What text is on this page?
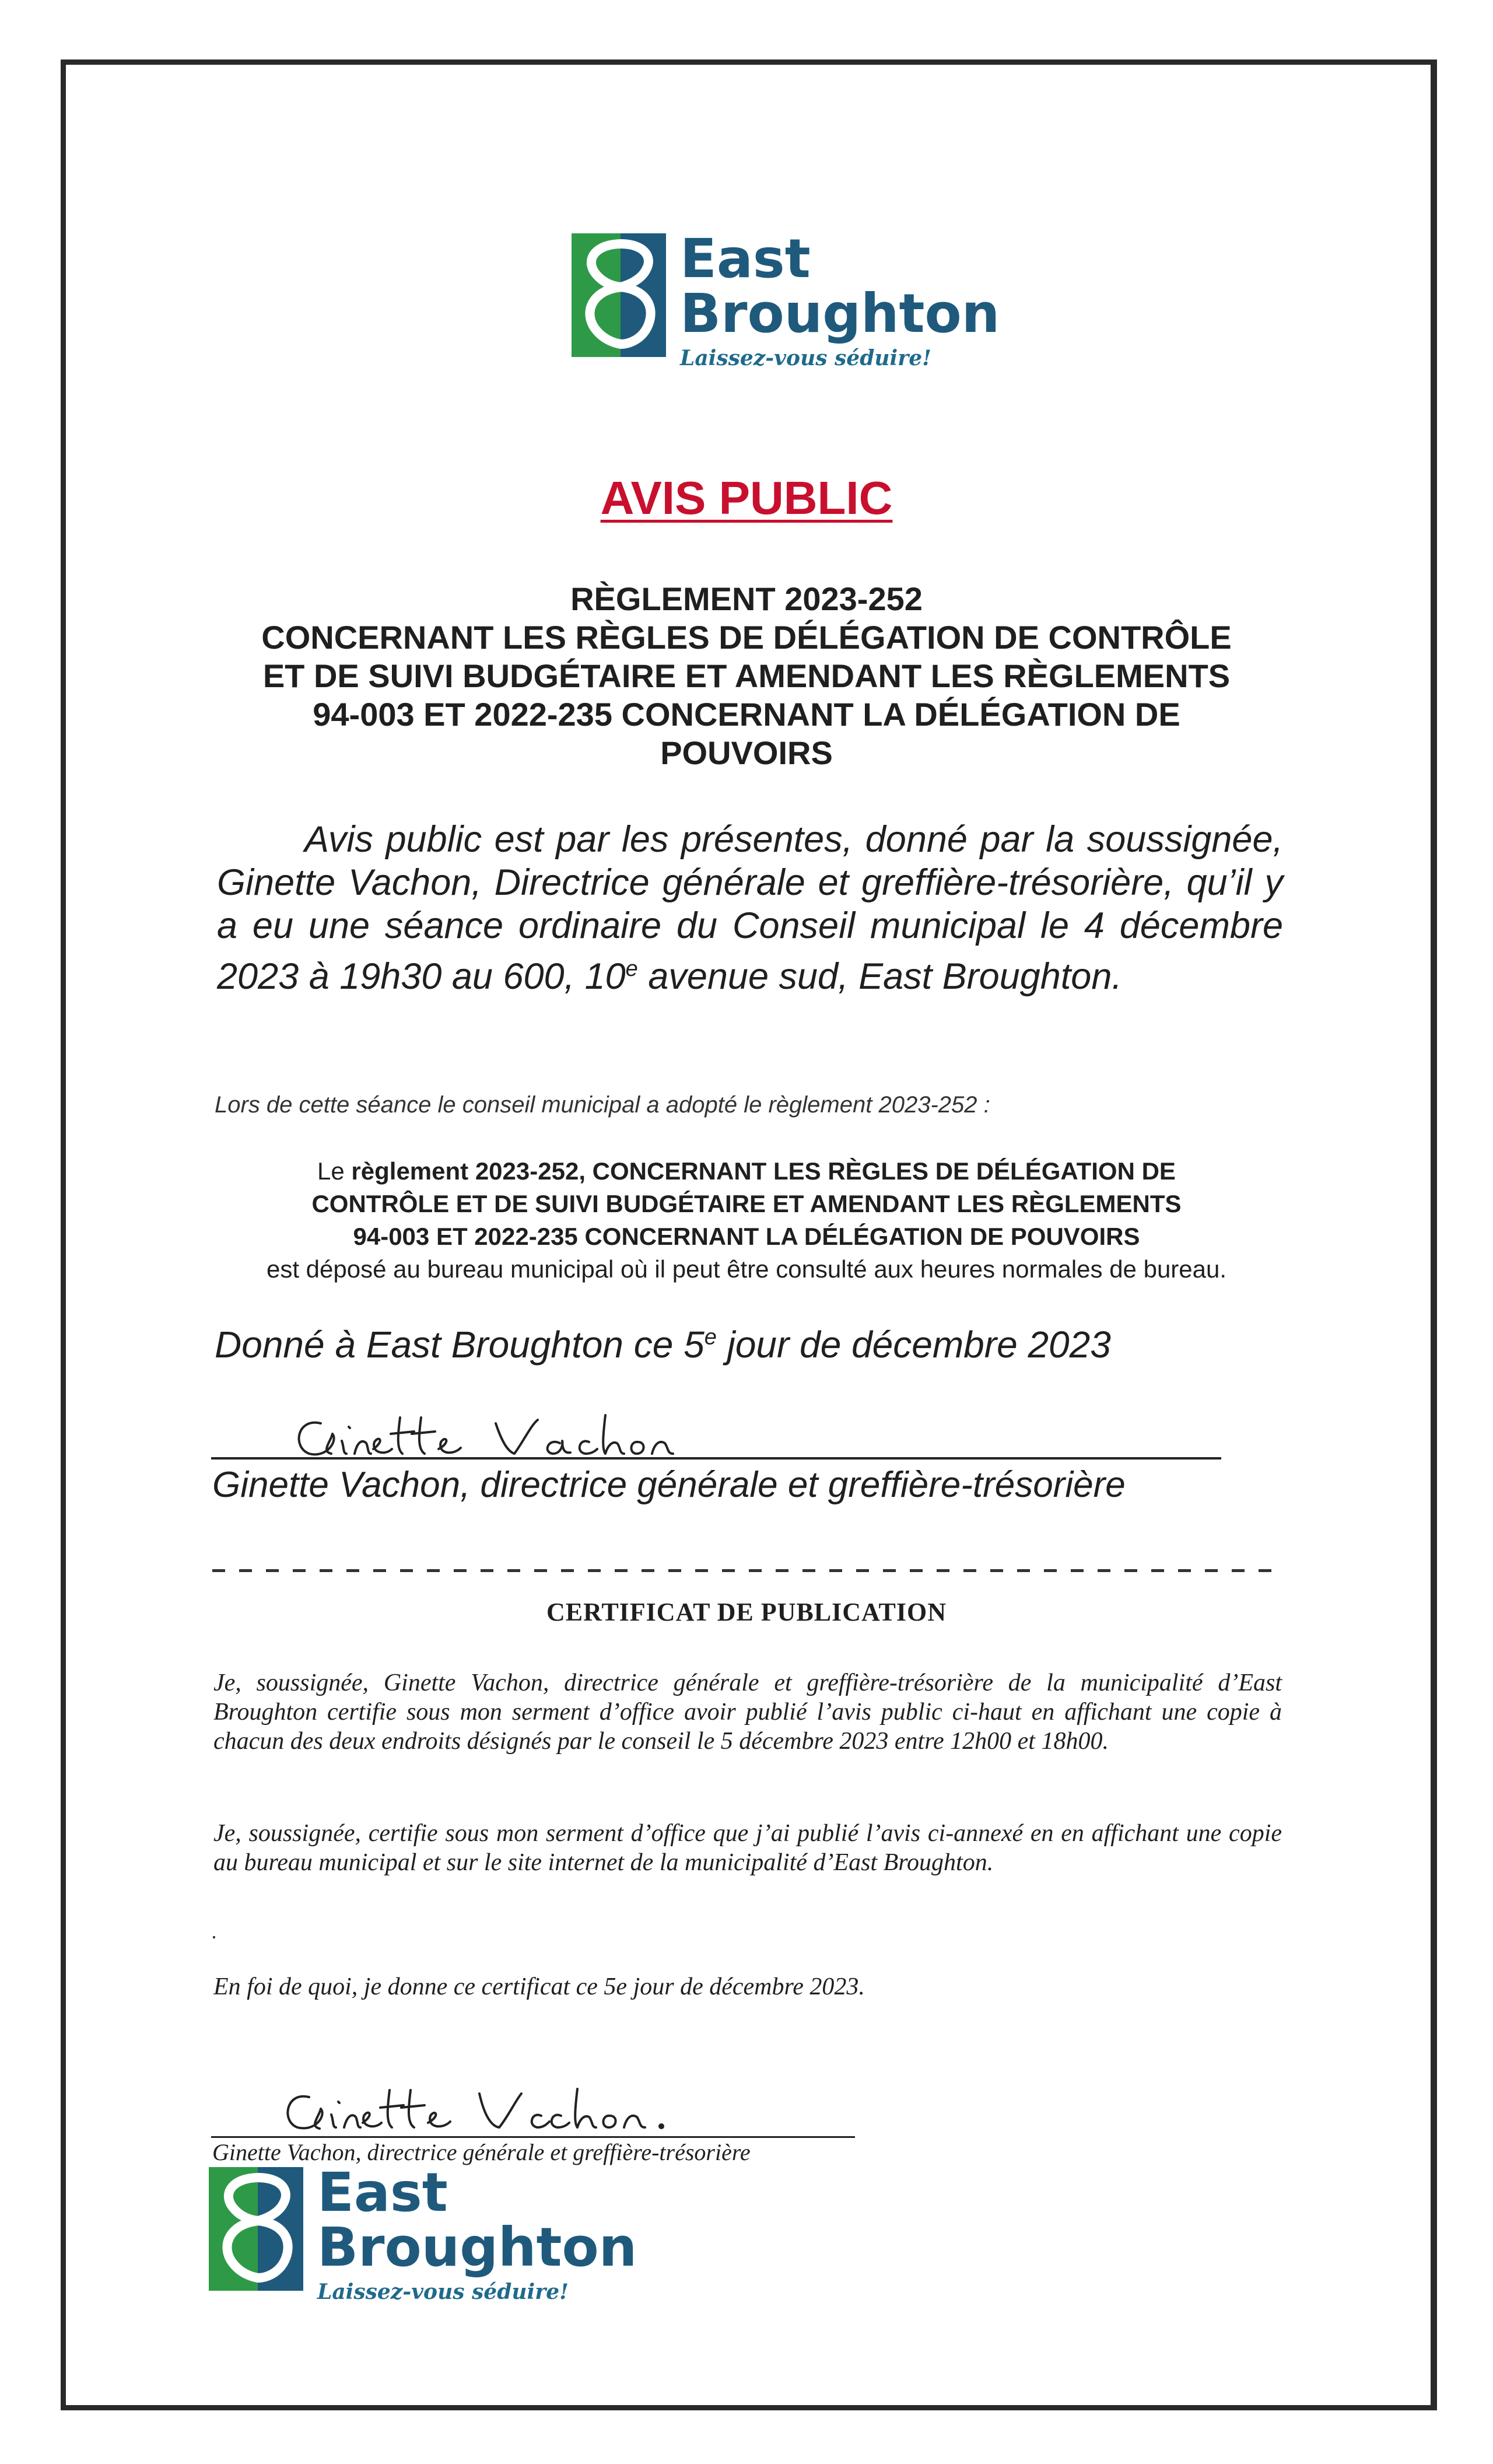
East
Broughton
Laissez-vous séduire!
AVIS PUBLIC
RÈGLEMENT 2023-252
CONCERNANT LES RÈGLES DE DÉLÉGATION DE CONTRÔLE
ET DE SUIVI BUDGÉTAIRE ET AMENDANT LES RÈGLEMENTS
94-003 ET 2022-235 CONCERNANT LA DÉLÉGATION DE
POUVOIRS
Avis public est par les présentes, donné par la soussignée, Ginette Vachon, Directrice générale et greffière-trésorière, qu’il y a eu une séance ordinaire du Conseil municipal le 4 décembre 2023 à 19h30 au 600, 10e avenue sud, East Broughton.
Lors de cette séance le conseil municipal a adopté le règlement 2023-252 :
Le règlement 2023-252, CONCERNANT LES RÈGLES DE DÉLÉGATION DE
CONTRÔLE ET DE SUIVI BUDGÉTAIRE ET AMENDANT LES RÈGLEMENTS
94-003 ET 2022-235 CONCERNANT LA DÉLÉGATION DE POUVOIRS
est déposé au bureau municipal où il peut être consulté aux heures normales de bureau.
Donné à East Broughton ce 5e jour de décembre 2023
Ginette Vachon, directrice générale et greffière-trésorière
CERTIFICAT DE PUBLICATION
Je, soussignée, Ginette Vachon, directrice générale et greffière-trésorière de la municipalité d’East Broughton certifie sous mon serment d’office avoir publié l’avis public ci-haut en affichant une copie à chacun des deux endroits désignés par le conseil le 5 décembre 2023 entre 12h00 et 18h00.
Je, soussignée, certifie sous mon serment d’office que j’ai publié l’avis ci-annexé en en affichant une copie au bureau municipal et sur le site internet de la municipalité d’East Broughton.
.
En foi de quoi, je donne ce certificat ce 5e jour de décembre 2023.
Ginette Vachon, directrice générale et greffière-trésorière
East
Broughton
Laissez-vous séduire!
